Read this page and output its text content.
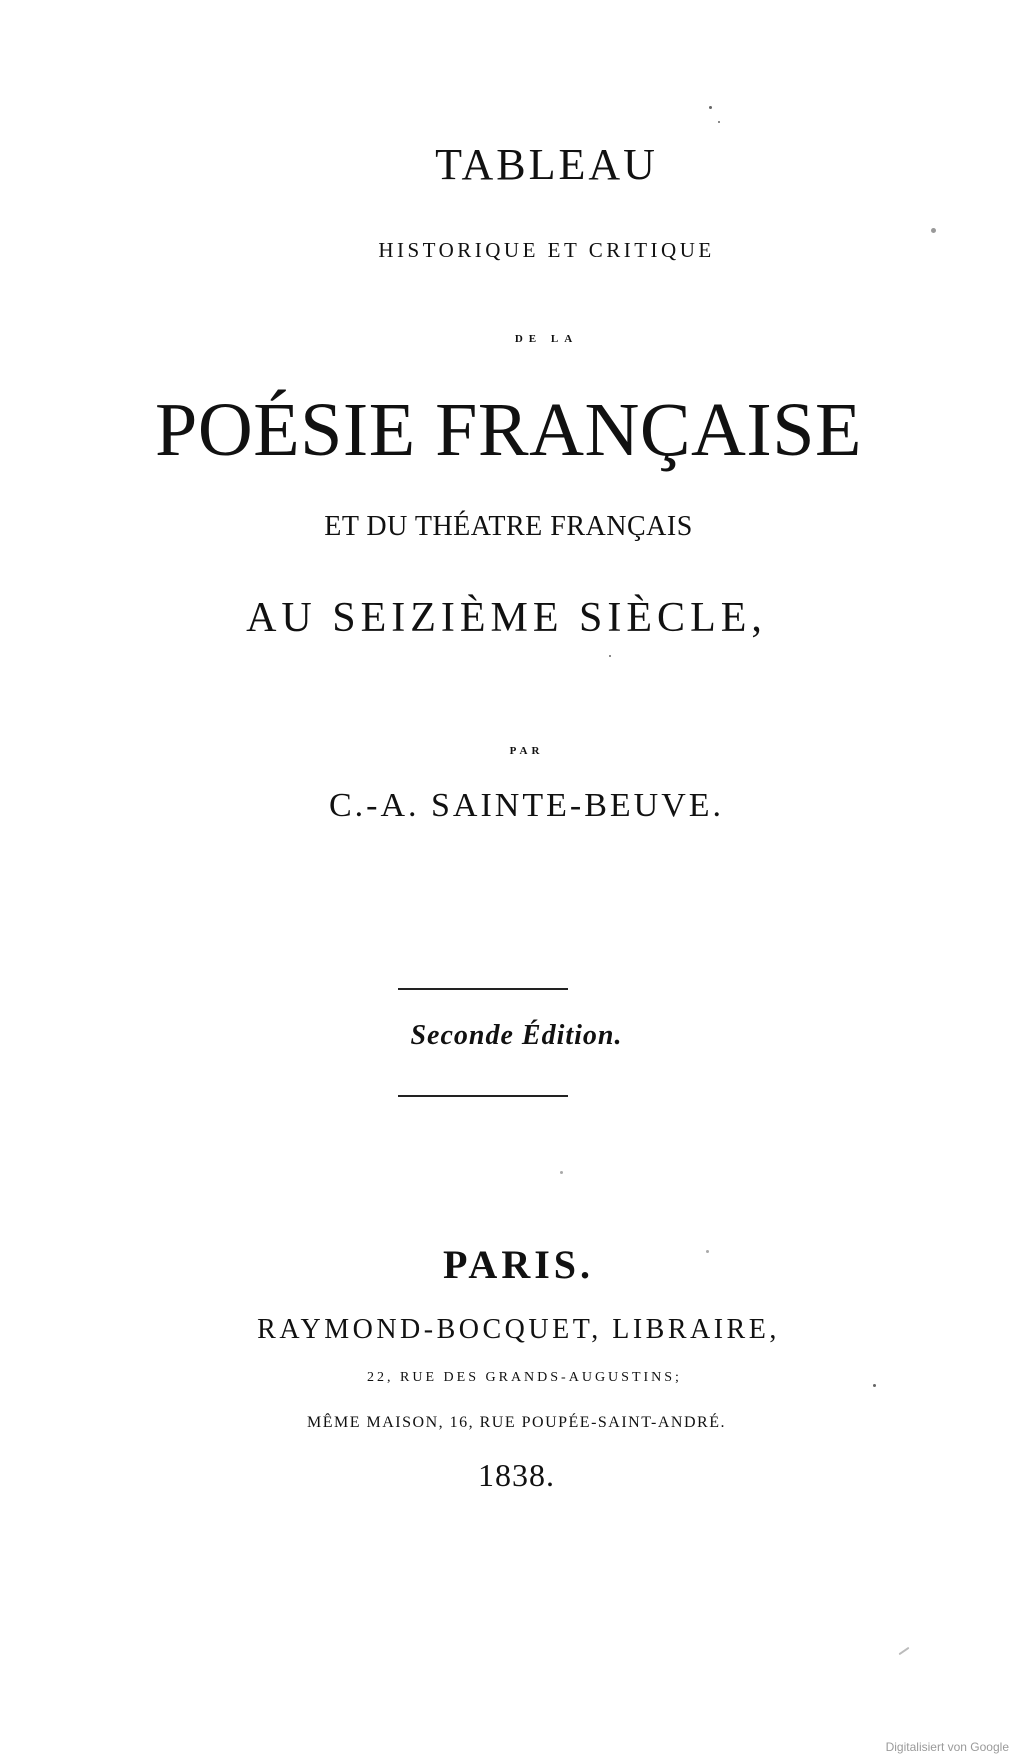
TABLEAU
HISTORIQUE ET CRITIQUE
DE LA
POÉSIE FRANÇAISE
ET DU THÉATRE FRANÇAIS
AU SEIZIÈME SIÈCLE,
PAR
C.-A. SAINTE-BEUVE.
Seconde Édition.
PARIS.
RAYMOND-BOCQUET, LIBRAIRE,
22, RUE DES GRANDS-AUGUSTINS;
MÊME MAISON, 16, RUE POUPÉE-SAINT-ANDRÉ.
1838.
Digitalisiert von Google
